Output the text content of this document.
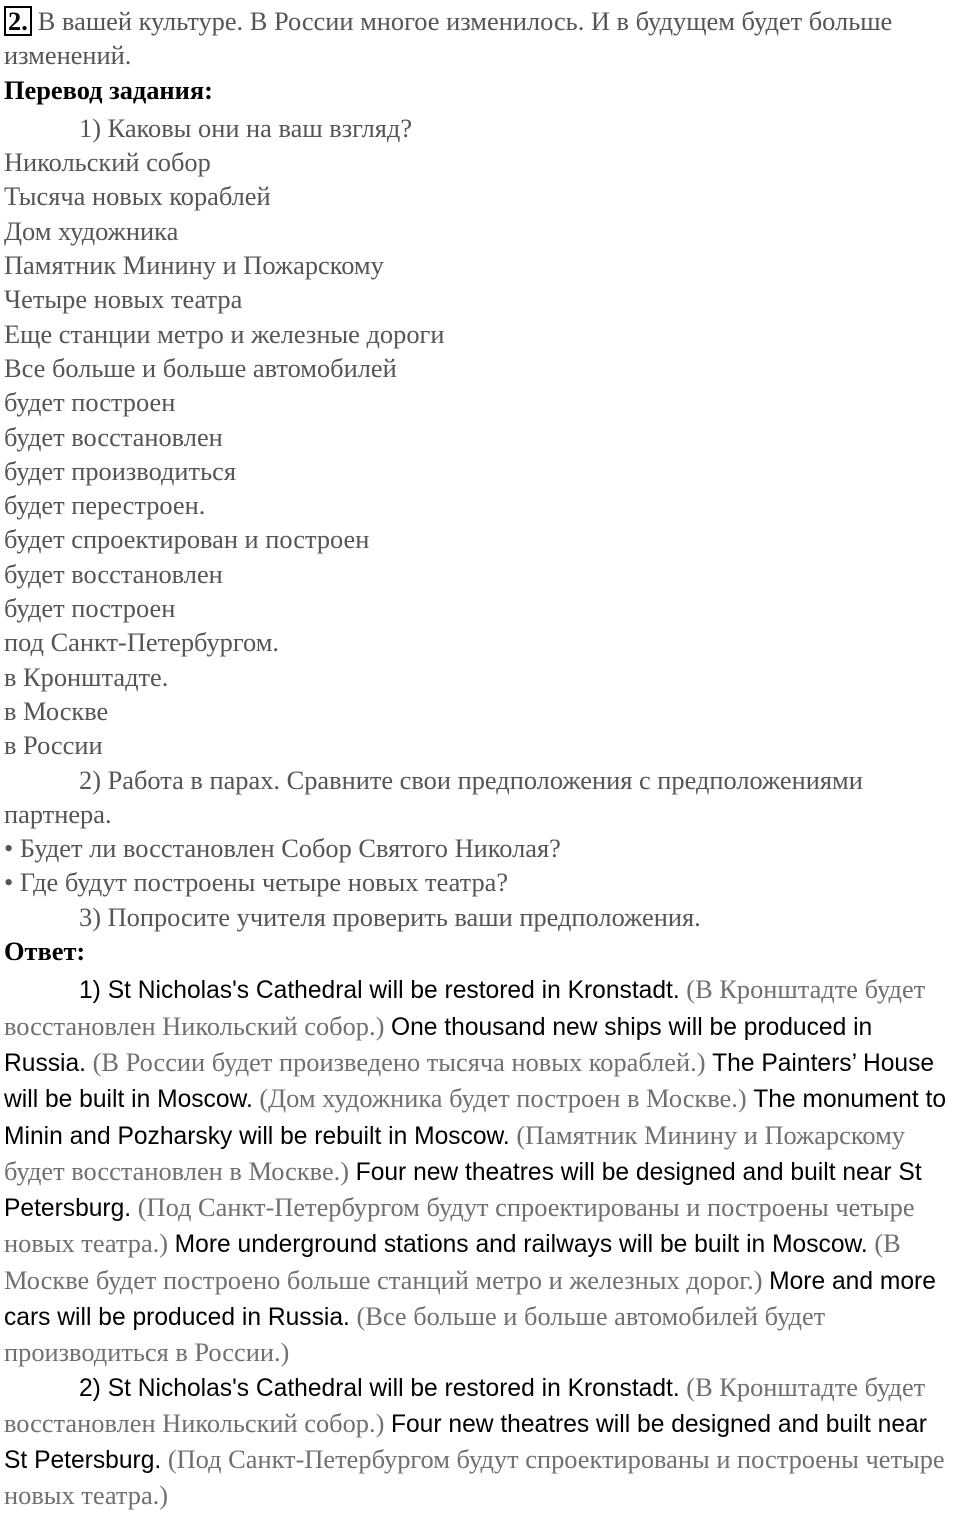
2. В вашей культуре. В России многое изменилось. И в будущем будет больше изменений.

Перевод задания:

1) Каковы они на ваш взгляд?

Никольский собор

Тысяча новых кораблей

Дом художника

Памятник Минину и Пожарскому

Четыре новых театра

Еще станции метро и железные дороги

Все больше и больше автомобилей

будет построен

будет восстановлен

будет производиться

будет перестроен.

будет спроектирован и построен

будет восстановлен

будет построен

под Санкт-Петербургом.

в Кронштадте.

в Москве

в России

2) Работа в парах. Сравните свои предположения с предположениями партнера.

• Будет ли восстановлен Собор Святого Николая?

• Где будут построены четыре новых театра?

3) Попросите учителя проверить ваши предположения.

Ответ:

1) St Nicholas's Cathedral will be restored in Kronstadt. (В Кронштадте будет восстановлен Никольский собор.) One thousand new ships will be produced in Russia. (В России будет произведено тысяча новых кораблей.) The Painters’ House will be built in Moscow. (Дом художника будет построен в Москве.) The monument to Minin and Pozharsky will be rebuilt in Moscow. (Памятник Минину и Пожарскому будет восстановлен в Москве.) Four new theatres will be designed and built near St Petersburg. (Под Санкт-Петербургом будут спроектированы и построены четыре новых театра.) More underground stations and railways will be built in Moscow. (В Москве будет построено больше станций метро и железных дорог.) More and more cars will be produced in Russia. (Все больше и больше автомобилей будет производиться в России.)

2) St Nicholas's Cathedral will be restored in Kronstadt. (В Кронштадте будет восстановлен Никольский собор.) Four new theatres will be designed and built near St Petersburg. (Под Санкт-Петербургом будут спроектированы и построены четыре новых театра.)
